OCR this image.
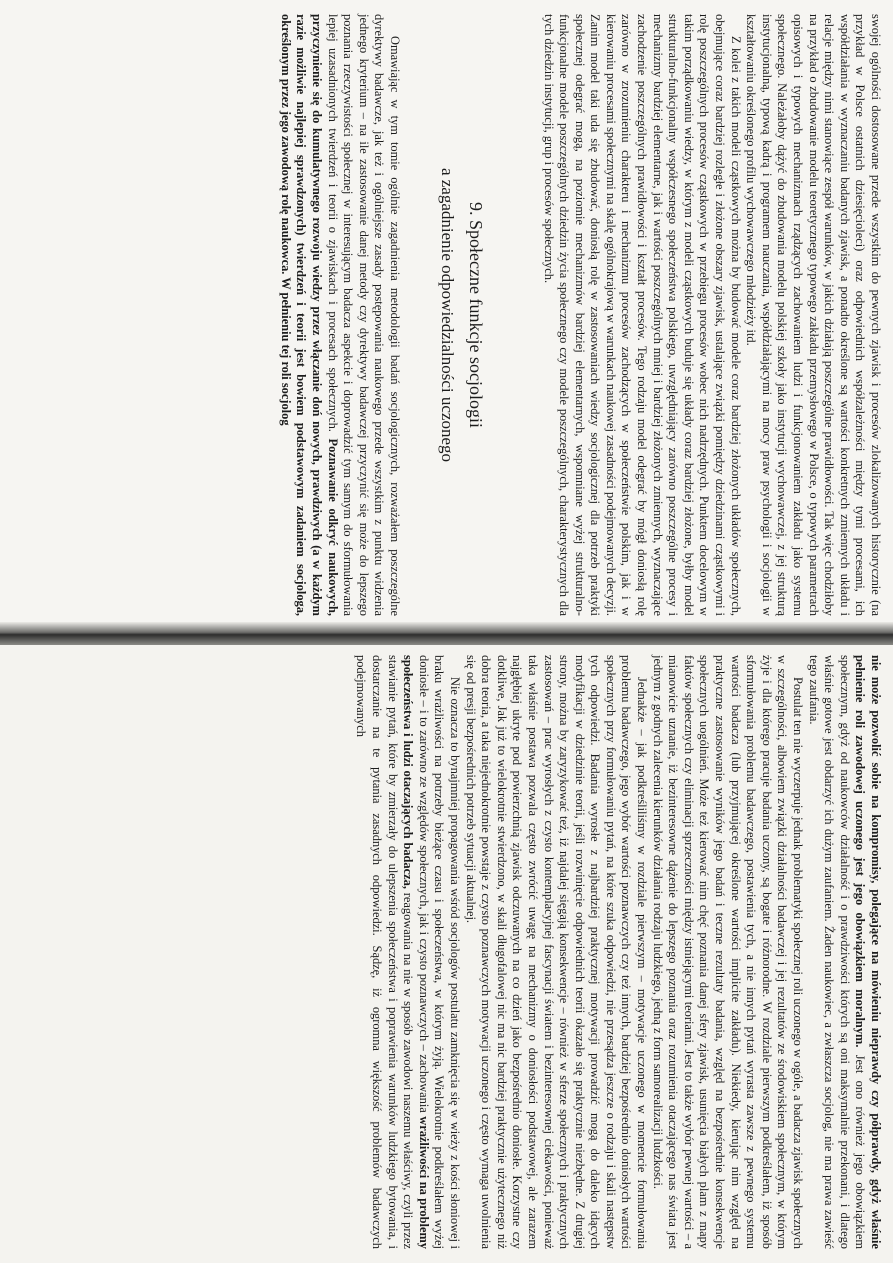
swojej ogólności dostosowane przede wszystkim do pewnych zjawisk i procesów zlokalizowanych historycznie (na przykład w Polsce ostatnich dziesięcioleci) oraz odpowiednich współzależności między tymi procesami, ich współdziałania w wyznaczaniu badanych zjawisk, a ponadto określone są wartości konkretnych zmiennych układu i relacje między nimi stanowiące zespół warunków, w jakich działają poszczególne prawidłowości. Tak więc chodziłoby na przykład o zbudowanie modelu teoretycznego typowego zakładu przemysłowego w Polsce, o typowych parametrach opisowych i typowych mechanizmach rządzących zachowaniem ludzi i funkcjonowaniem zakładu jako systemu społecznego. Należałoby dążyć do zbudowania modelu polskiej szkoły jako instytucji wychowawczej, z jej strukturą instytucjonalną, typową kadrą i programem nauczania, współdziałającymi na mocy praw psychologii i socjologii w kształtowaniu określonego profilu wychowawczego młodzieży itd.

Z kolei z takich modeli cząstkowych można by budować modele coraz bardziej złożonych układów społecznych, obejmujące coraz bardziej rozległe i złożone obszary zjawisk, ustalające związki pomiędzy dziedzinami cząstkowymi i rolę poszczególnych procesów cząstkowych w przebiegu procesów wobec nich nadrzędnych. Punktem docelowym w takim porządkowaniu wiedzy, w którym z modeli cząstkowych buduje się układy coraz bardziej złożone, byłby model strukturalno-funkcjonalny współczesnego społeczeństwa polskiego, uwzględniający zarówno poszczególne procesy i mechanizmy bardziej elementarne, jak i wartości poszczególnych mniej i bardziej złożonych zmiennych, wyznaczające zachodzenie poszczególnych prawidłowości i kształt procesów. Tego rodzaju model odegrać by mógł doniosłą rolę zarówno w zrozumieniu charakteru i mechanizmu procesów zachodzących w społeczeństwie polskim, jak i w kierowaniu procesami społecznymi na skalę ogólnokrajową w warunkach naukowej zasadności podejmowanych decyzji. Zanim model taki uda się zbudować, doniosłą rolę w zastosowaniach wiedzy socjologicznej dla potrzeb praktyki społecznej odegrać mogą, na poziomie mechanizmów bardziej elementarnych, wspomniane wyżej strukturalno-funkcjonalne modele poszczególnych dziedzin życia społecznego czy modele poszczególnych, charakterystycznych dla tych dziedzin instytucji, grup i procesów społecznych.

9. Społeczne funkcje socjologii
a zagadnienie odpowiedzialności uczonego

Omawiając w tym tomie ogólnie zagadnienia metodologii badań socjologicznych, rozważałem poszczególne dyrektywy badawcze, jak też i ogólniejsze zasady postępowania naukowego przede wszystkim z punktu widzenia jednego kryterium – na ile zastosowanie danej metody czy dyrektywy badawczej przyczynić się może do lepszego poznania rzeczywistości społecznej w interesującym badacza aspekcie i doprowadzić tym samym do sformułowania lepiej uzasadnionych twierdzeń i teorii o zjawiskach i procesach społecznych. Poznawanie odkryć naukowych, przyczynienie się do kumulatywnego rozwoju wiedzy przez włączanie doń nowych, prawdziwych (a w każdym razie możliwie najlepiej sprawdzonych) twierdzeń i teorii jest bowiem podstawowym zadaniem socjologa, określonym przez jego zawodową rolę naukowca. W pełnieniu tej roli socjolog

nie może pozwolić sobie na kompromisy, polegające na mówieniu nieprawdy czy półprawdy, gdyż właśnie pełnienie roli zawodowej uczonego jest jego obowiązkiem moralnym. Jest ono również jego obowiązkiem społecznym, gdyż od naukowców działalność i o prawdziwości których są oni maksymalnie przekonani, i dlatego właśnie gotowe jest obdarzyć ich dużym zaufaniem. Żaden naukowiec, a zwłaszcza socjolog, nie ma prawa zawieść tego zaufania.

Postulat ten nie wyczerpuje jednak problematyki społecznej roli uczonego w ogóle, a badacza zjawisk społecznych w szczególności, albowiem związki działalności badawczej i jej rezultatów ze środowiskiem społecznym, w którym żyje i dla którego pracuje badania uczony, są bogate i różnorodne. W rozdziale pierwszym podkreślałem, iż sposób sformułowania problemu badawczego, postawienia tych, a nie innych pytań wyrasta zawsze z pewnego systemu wartości badacza (lub przyjmującej określone wartości implicite zakładu). Niekiedy, kierując nim względ na praktyczne zastosowanie wyników jego badań i teczne rezultaty badania, względ na bezpośrednie konsekwencje społecznych uogólnień. Może też kierować nim chęć poznania danej sfery zjawisk, usunięcia białych plam z mapy faktów społecznych czy eliminacji sprzeczności między istniejącymi teoriami. Jest to także wybór pewnej wartości – a mianowicie uznanie, iż bezinteresowne dążenie do lepszego poznania oraz rozumienia otaczającego nas świata jest jednym z godnych zalecenia kierunków działania rodzaju ludzkiego, jedną z form samorealizacji ludzkości.

Jednakże – jak podkreśliliśmy w rozdziale pierwszym – motywacje uczonego w momencie formułowania problemu badawczego, jego wybór wartości poznawczych czy też innych, bardziej bezpośrednio doniosłych wartości społecznych przy formułowaniu pytań, na które szuka odpowiedzi, nie przesądza jeszcze o rodzaju i skali następstw tych odpowiedzi. Badania wyrosłe z najbardziej praktycznej motywacji prowadzić mogą do daleko idących modyfikacji w dziedzinie teorii, jeśli rozwinięcie odpowiednich teorii okazało się praktycznie niezbędne. Z drugiej strony, można by zaryzykować też, iż najdalej sięgają konsekwencje – również w sferze społecznych i praktycznych zastosowań – prac wyrosłych z czysto kontemplacyjnej fascynacji światem i bezinteresownej ciekawości, ponieważ taka właśnie postawa pozwala często zwrócić uwagę na mechanizmy o doniosłości podstawowej, ale zarazem najgłębiej ukryte pod powierzchnią zjawisk odczuwanych na co dzień jako bezpośrednio doniosłe. Korzystne czy dotkliwe, Jak już to wielokrotnie stwierdzono, w skali długofalowej nic ma nic bardziej praktycznie użytecznego niż dobra teoria, a taka niejednokrotnie powstaje z czysto poznawczych motywacji uczonego i często wymaga uwolnienia się od presji bezpośrednich potrzeb sytuacji aktualnej.

Nie oznacza to bynajmniej propagowania wśród socjologów postulatu zamknięcia się w wieży z kości słoniowej i braku wrażliwości na potrzeby bieżące czasu i społeczeństwa, w którym żyją. Wielokrotnie podkreślałem wyżej doniosłe – i to zarówno ze względów społecznych, jak i czysto poznawczych – zachowania wrażliwości na problemy społeczeństwa i ludzi otaczających badacza, reagowania na nie w sposób zawodowi naszemu właściwy, czyli przez stawianie pytań, które by zmierzały do ulepszenia społeczeństwa i poprawienia warunków ludzkiego bytowania, i dostarczanie na te pytania zasadnych odpowiedzi. Sądzę, iż ogromna większość problemów badawczych podejmowanych
